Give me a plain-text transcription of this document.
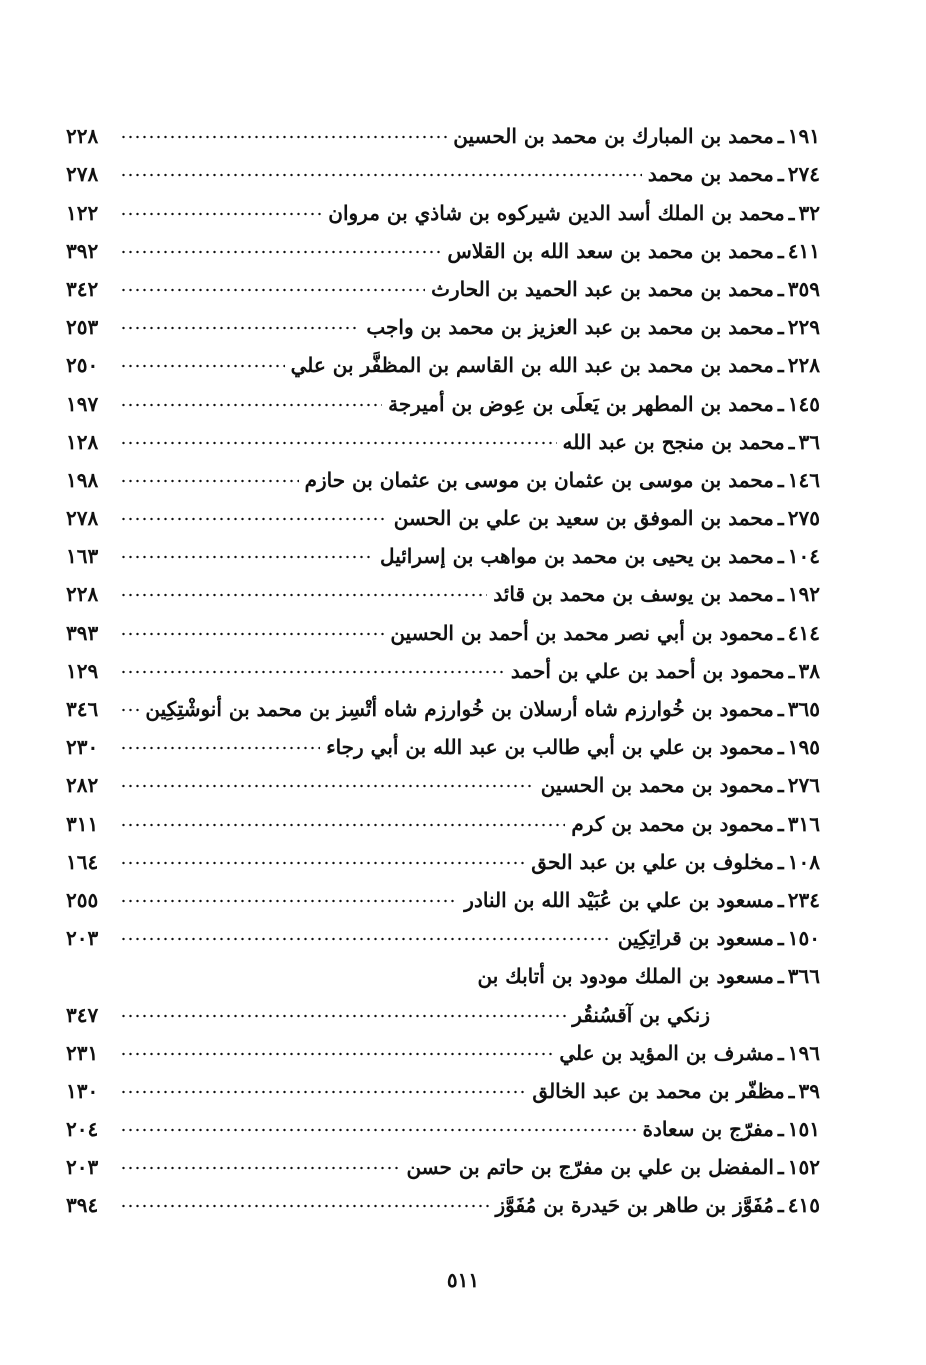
١٩١
ـ
محمد بن المبارك بن محمد بن الحسين
٢٢٨
٢٧٤
ـ
محمد بن محمد
٢٧٨
٣٢
ـ
محمد بن الملك أسد الدين شيركوه بن شاذي بن مروان
١٢٢
٤١١
ـ
محمد بن محمد بن سعد الله بن القلاس
٣٩٢
٣٥٩
ـ
محمد بن محمد بن عبد الحميد بن الحارث
٣٤٢
٢٢٩
ـ
محمد بن محمد بن عبد العزيز بن محمد بن واجب
٢٥٣
٢٢٨
ـ
محمد بن محمد بن عبد الله بن القاسم بن المظفَّر بن علي
٢٥٠
١٤٥
ـ
محمد بن المطهر بن يَعلَى بن عِوض بن أميرجة
١٩٧
٣٦
ـ
محمد بن منجح بن عبد الله
١٢٨
١٤٦
ـ
محمد بن موسى بن عثمان بن موسى بن عثمان بن حازم
١٩٨
٢٧٥
ـ
محمد بن الموفق بن سعيد بن علي بن الحسن
٢٧٨
١٠٤
ـ
محمد بن يحيى بن محمد بن مواهب بن إسرائيل
١٦٣
١٩٢
ـ
محمد بن يوسف بن محمد بن قائد
٢٢٨
٤١٤
ـ
محمود بن أبي نصر محمد بن أحمد بن الحسين
٣٩٣
٣٨
ـ
محمود بن أحمد بن علي بن أحمد
١٢٩
٣٦٥
ـ
محمود بن خُوارزم شاه أرسلان بن خُوارزم شاه أتْسِز بن محمد بن أنوشْتِكِين
٣٤٦
١٩٥
ـ
محمود بن علي بن أبي طالب بن عبد الله بن أبي رجاء
٢٣٠
٢٧٦
ـ
محمود بن محمد بن الحسين
٢٨٢
٣١٦
ـ
محمود بن محمد بن كرم
٣١١
١٠٨
ـ
مخلوف بن علي بن عبد الحق
١٦٤
٢٣٤
ـ
مسعود بن علي بن عُبَيْد الله بن النادر
٢٥٥
١٥٠
ـ
مسعود بن قراتِكِين
٢٠٣
٣٦٦
ـ
مسعود بن الملك مودود بن أتابك بن
زنكي بن آقسُنقُر
٣٤٧
١٩٦
ـ
مشرف بن المؤيد بن علي
٢٣١
٣٩
ـ
مظفّر بن محمد بن عبد الخالق
١٣٠
١٥١
ـ
مفرّج بن سعادة
٢٠٤
١٥٢
ـ
المفضل بن علي بن مفرّج بن حاتم بن حسن
٢٠٣
٤١٥
ـ
مُفَوَّز بن طاهر بن حَيدرة بن مُفَوَّز
٣٩٤
٥١١
